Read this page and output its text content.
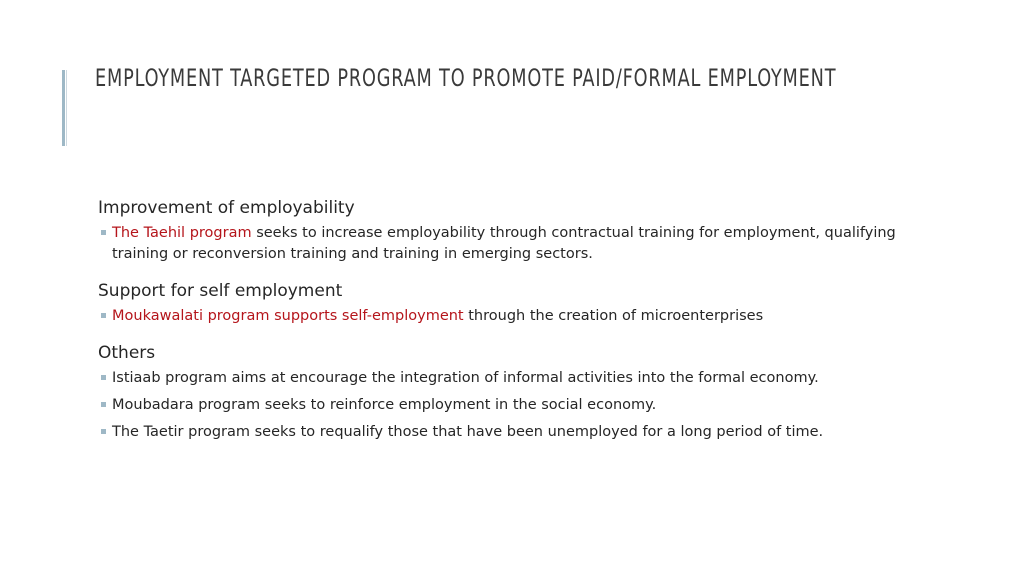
EMPLOYMENT TARGETED PROGRAM TO PROMOTE PAID/FORMAL EMPLOYMENT
Improvement of employability
The Taehil program seeks to increase employability through contractual training for employment, qualifying training or reconversion training and training in emerging sectors.
Support for self employment
Moukawalati program supports self-employment through the creation of microenterprises
Others
Istiaab program aims at encourage the integration of informal activities into the formal economy.
Moubadara program seeks to reinforce employment in the social economy.
The Taetir program seeks to requalify those that have been unemployed for a long period of time.
